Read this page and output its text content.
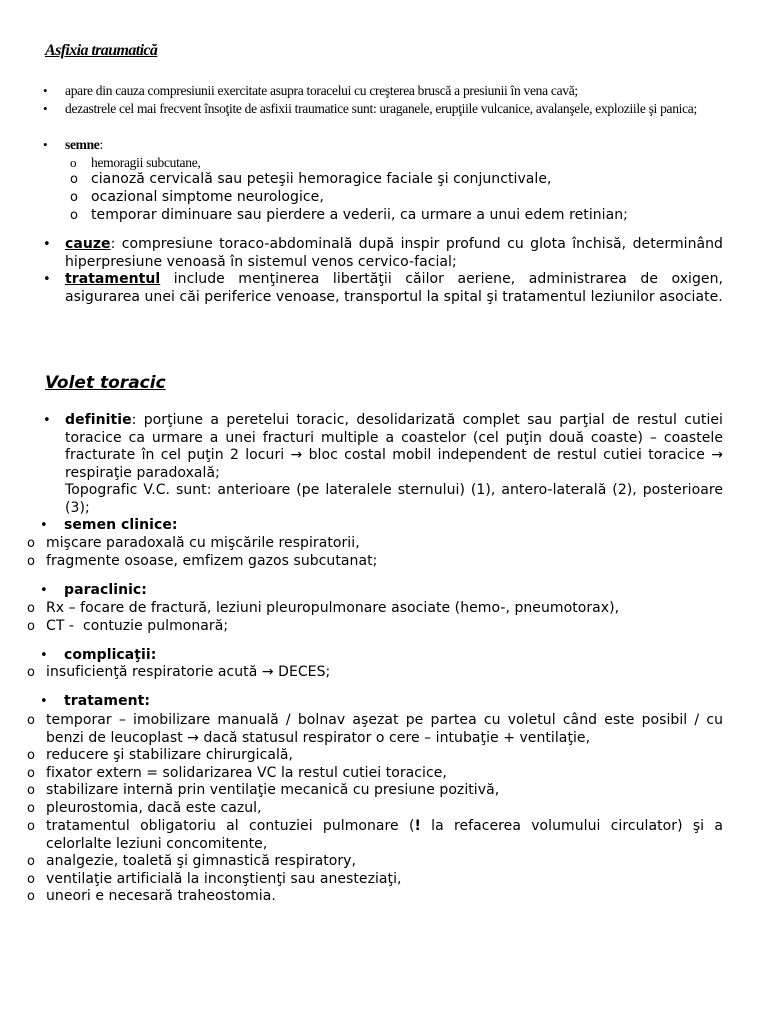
Asfixia traumatică
• apare din cauza compresiunii exercitate asupra toracelui cu creşterea bruscă a presiunii în vena cavă;
• dezastrele cel mai frecvent însoţite de asfixii traumatice sunt: uraganele, erupţiile vulcanice, avalanşele, exploziile şi panica;
• semne:
o hemoragii subcutane,
o cianoză cervicală sau peteşii hemoragice faciale şi conjunctivale,
o ocazional simptome neurologice,
o temporar diminuare sau pierdere a vederii, ca urmare a unui edem retinian;
• cauze: compresiune toraco-abdominală după inspir profund cu glota închisă, determinând hiperpresiune venoasă în sistemul venos cervico-facial;
• tratamentul include menţinerea libertăţii căilor aeriene, administrarea de oxigen, asigurarea unei căi periferice venoase, transportul la spital şi tratamentul leziunilor asociate.
Volet toracic
• definitie: porţiune a peretelui toracic, desolidarizată complet sau parţial de restul cutiei toracice ca urmare a unei fracturi multiple a coastelor (cel puţin două coaste) – coastele fracturate în cel puţin 2 locuri → bloc costal mobil independent de restul cutiei toracice → respiraţie paradoxală;
Topografic V.C. sunt: anterioare (pe lateralele sternului) (1), antero-laterală (2), posterioare (3);
• semen clinice:
o mişcare paradoxală cu mişcările respiratorii,
o fragmente osoase, emfizem gazos subcutanat;
• paraclinic:
o Rx – focare de fractură, leziuni pleuropulmonare asociate (hemo-, pneumotorax),
o CT -  contuzie pulmonară;
• complicaţii:
o insuficienţă respiratorie acută → DECES;
• tratament:
o temporar – imobilizare manuală / bolnav aşezat pe partea cu voletul când este posibil / cu benzi de leucoplast → dacă statusul respirator o cere – intubaţie + ventilaţie,
o reducere şi stabilizare chirurgicală,
o fixator extern = solidarizarea VC la restul cutiei toracice,
o stabilizare internă prin ventilaţie mecanică cu presiune pozitivă,
o pleurostomia, dacă este cazul,
o tratamentul obligatoriu al contuziei pulmonare (! la refacerea volumului circulator) şi a celorlalte leziuni concomitente,
o analgezie, toaletă şi gimnastică respiratory,
o ventilaţie artificială la inconştienţi sau anesteziaţi,
o uneori e necesară traheostomia.
